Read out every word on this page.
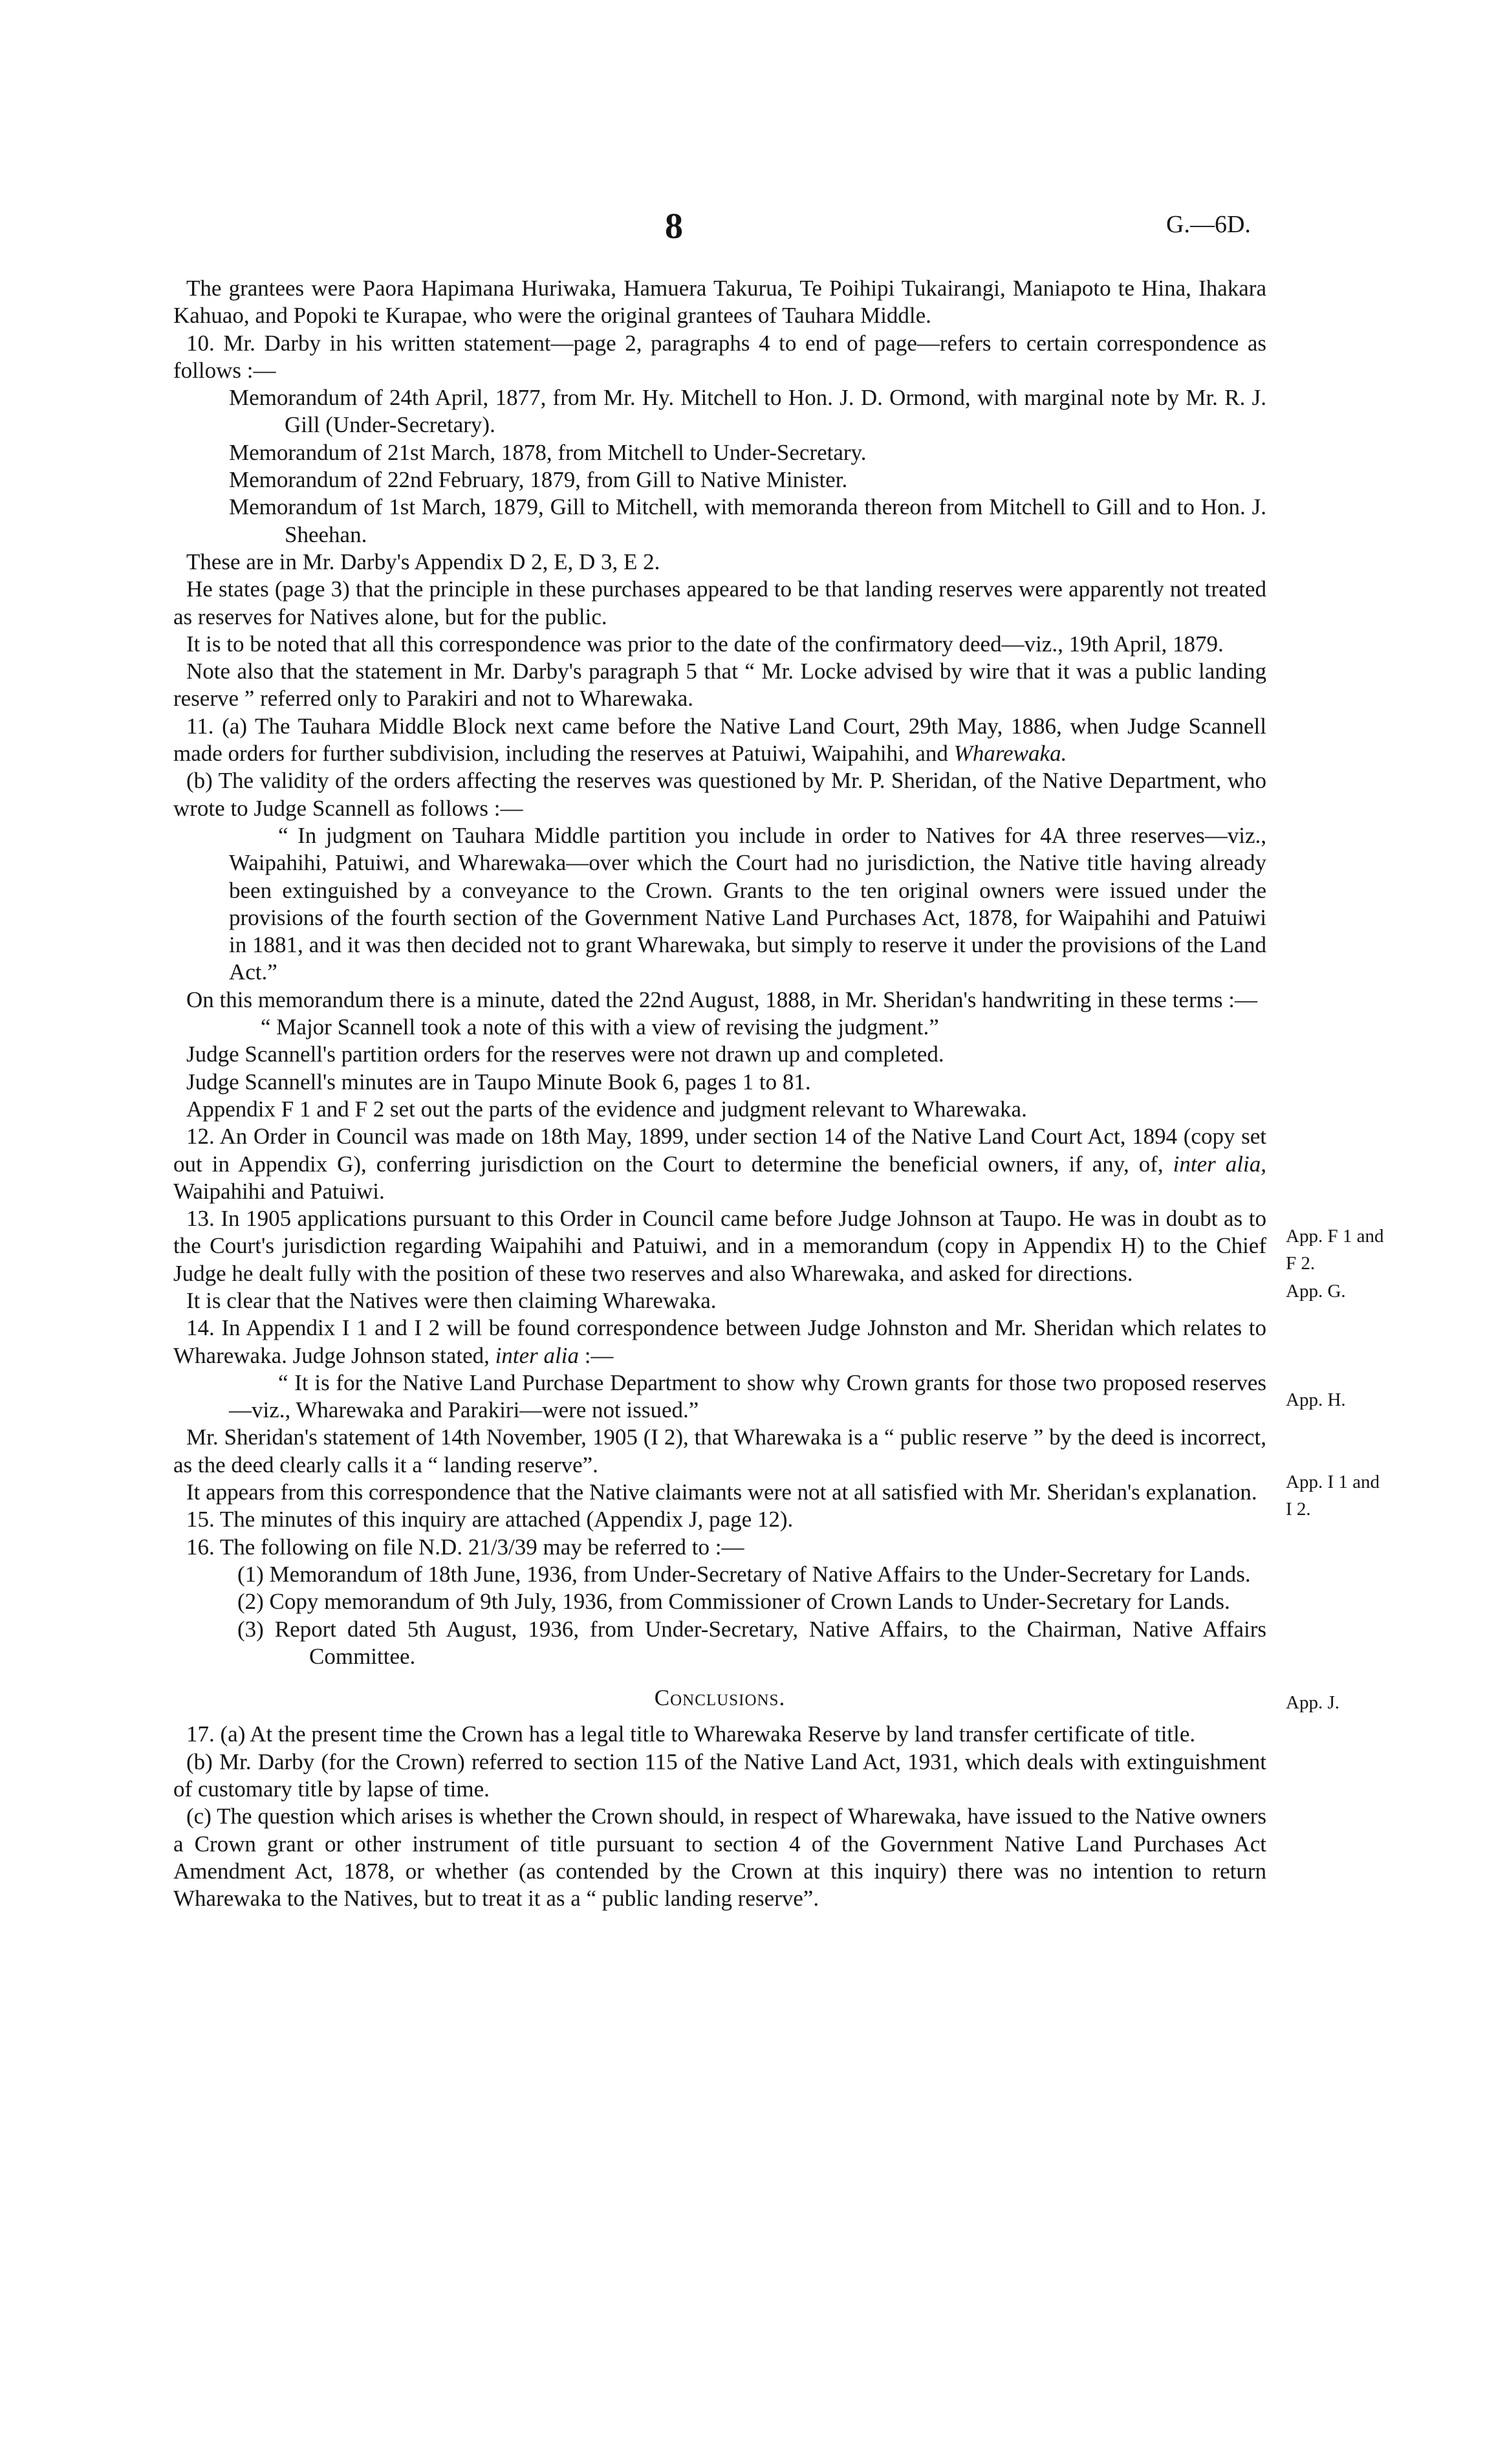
8	G.—6D.

The grantees were Paora Hapimana Huriwaka, Hamuera Takurua, Te Poihipi Tukairangi, Maniapoto te Hina, Ihakara Kahuao, and Popoki te Kurapae, who were the original grantees of Tauhara Middle.

10. Mr. Darby in his written statement—page 2, paragraphs 4 to end of page—refers to certain correspondence as follows :—

Memorandum of 24th April, 1877, from Mr. Hy. Mitchell to Hon. J. D. Ormond, with marginal note by Mr. R. J. Gill (Under-Secretary).

Memorandum of 21st March, 1878, from Mitchell to Under-Secretary.

Memorandum of 22nd February, 1879, from Gill to Native Minister.

Memorandum of 1st March, 1879, Gill to Mitchell, with memoranda thereon from Mitchell to Gill and to Hon. J. Sheehan.

These are in Mr. Darby's Appendix D 2, E, D 3, E 2.

He states (page 3) that the principle in these purchases appeared to be that landing reserves were apparently not treated as reserves for Natives alone, but for the public.

It is to be noted that all this correspondence was prior to the date of the confirmatory deed—viz., 19th April, 1879.

Note also that the statement in Mr. Darby's paragraph 5 that “ Mr. Locke advised by wire that it was a public landing reserve ” referred only to Parakiri and not to Wharewaka.

11. (a) The Tauhara Middle Block next came before the Native Land Court, 29th May, 1886, when Judge Scannell made orders for further subdivision, including the reserves at Patuiwi, Waipahihi, and Wharewaka.

(b) The validity of the orders affecting the reserves was questioned by Mr. P. Sheridan, of the Native Department, who wrote to Judge Scannell as follows :—

“ In judgment on Tauhara Middle partition you include in order to Natives for 4A three reserves—viz., Waipahihi, Patuiwi, and Wharewaka—over which the Court had no jurisdiction, the Native title having already been extinguished by a conveyance to the Crown. Grants to the ten original owners were issued under the provisions of the fourth section of the Government Native Land Purchases Act, 1878, for Waipahihi and Patuiwi in 1881, and it was then decided not to grant Wharewaka, but simply to reserve it under the provisions of the Land Act.”

On this memorandum there is a minute, dated the 22nd August, 1888, in Mr. Sheridan's handwriting in these terms :—

“ Major Scannell took a note of this with a view of revising the judgment.”

Judge Scannell's partition orders for the reserves were not drawn up and completed.

Judge Scannell's minutes are in Taupo Minute Book 6, pages 1 to 81.

Appendix F 1 and F 2 set out the parts of the evidence and judgment relevant to Wharewaka.

12. An Order in Council was made on 18th May, 1899, under section 14 of the Native Land Court Act, 1894 (copy set out in Appendix G), conferring jurisdiction on the Court to determine the beneficial owners, if any, of, inter alia, Waipahihi and Patuiwi.

13. In 1905 applications pursuant to this Order in Council came before Judge Johnson at Taupo. He was in doubt as to the Court's jurisdiction regarding Waipahihi and Patuiwi, and in a memorandum (copy in Appendix H) to the Chief Judge he dealt fully with the position of these two reserves and also Wharewaka, and asked for directions.

It is clear that the Natives were then claiming Wharewaka.

14. In Appendix I 1 and I 2 will be found correspondence between Judge Johnston and Mr. Sheridan which relates to Wharewaka. Judge Johnson stated, inter alia :—

“ It is for the Native Land Purchase Department to show why Crown grants for those two proposed reserves—viz., Wharewaka and Parakiri—were not issued.”

Mr. Sheridan's statement of 14th November, 1905 (I 2), that Wharewaka is a “ public reserve ” by the deed is incorrect, as the deed clearly calls it a “ landing reserve”.

It appears from this correspondence that the Native claimants were not at all satisfied with Mr. Sheridan's explanation.

15. The minutes of this inquiry are attached (Appendix J, page 12).

16. The following on file N.D. 21/3/39 may be referred to :—

(1) Memorandum of 18th June, 1936, from Under-Secretary of Native Affairs to the Under-Secretary for Lands.

(2) Copy memorandum of 9th July, 1936, from Commissioner of Crown Lands to Under-Secretary for Lands.

(3) Report dated 5th August, 1936, from Under-Secretary, Native Affairs, to the Chairman, Native Affairs Committee.

Conclusions.

17. (a) At the present time the Crown has a legal title to Wharewaka Reserve by land transfer certificate of title.

(b) Mr. Darby (for the Crown) referred to section 115 of the Native Land Act, 1931, which deals with extinguishment of customary title by lapse of time.

(c) The question which arises is whether the Crown should, in respect of Wharewaka, have issued to the Native owners a Crown grant or other instrument of title pursuant to section 4 of the Government Native Land Purchases Act Amendment Act, 1878, or whether (as contended by the Crown at this inquiry) there was no intention to return Wharewaka to the Natives, but to treat it as a “ public landing reserve”.

App. F 1 and
F 2.
App. G.
App. H.
App. I 1 and
I 2.
App. J.
